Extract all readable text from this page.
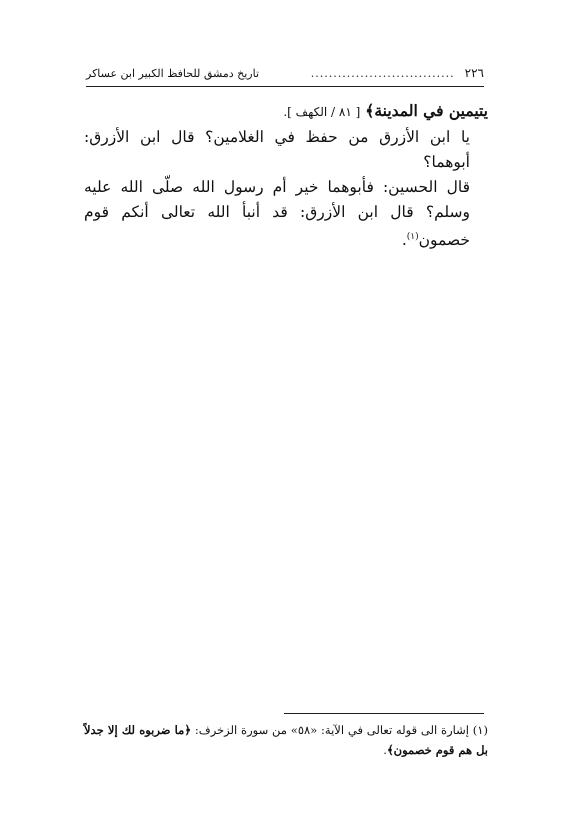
٢٢٦
................................
تاريخ دمشق للحافظ الكبير ابن عساكر

يتيمين في المدينة﴾ [ ٨١ / الكهف ].

يا ابن الأزرق من حفظ في الغلامين؟ قال ابن الأزرق: أبوهما؟

قال الحسين: فأبوهما خير أم رسول الله صلّى الله عليه وسلم؟ قال ابن الأزرق: قد أنبأ الله تعالى أنكم قوم خصمون$^{(١)}$.

(١) إشارة الى قوله تعالى في الآية: «٥٨» من سورة الزخرف: ﴿ما ضربوه لك إلا جدلاً بل هم قوم خصمون﴾.
